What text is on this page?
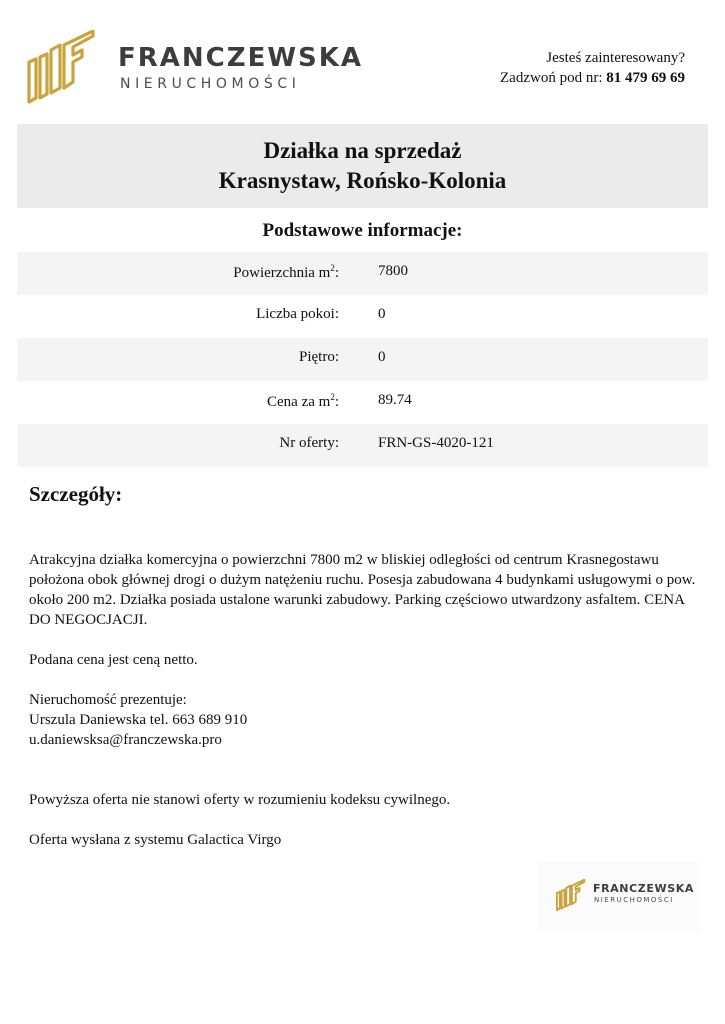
FRANCZEWSKA
NIERUCHOMOŚCI
Jesteś zainteresowany?
Zadzwoń pod nr: 81 479 69 69
Działka na sprzedaż
Krasnystaw, Rońsko-Kolonia
Podstawowe informacje:
Powierzchnia $m^2$:	7800
Liczba pokoi:	0
Piętro:	0
Cena za $m^2$:	89.74
Nr oferty:	FRN-GS-4020-121
Szczegóły:

Atrakcyjna działka komercyjna o powierzchni 7800 m2 w bliskiej odległości od centrum Krasnegostawu położona obok głównej drogi o dużym natężeniu ruchu. Posesja zabudowana 4 budynkami usługowymi o pow. około 200 m2. Działka posiada ustalone warunki zabudowy. Parking częściowo utwardzony asfaltem. CENA DO NEGOCJACJI.

Podana cena jest ceną netto.

Nieruchomość prezentuje:

Urszula Daniewska tel. 663 689 910

u.daniewsksa@franczewska.pro

Powyższa oferta nie stanowi oferty w rozumieniu kodeksu cywilnego.

Oferta wysłana z systemu Galactica Virgo

FRANCZEWSKA
NIERUCHOMOŚCI
